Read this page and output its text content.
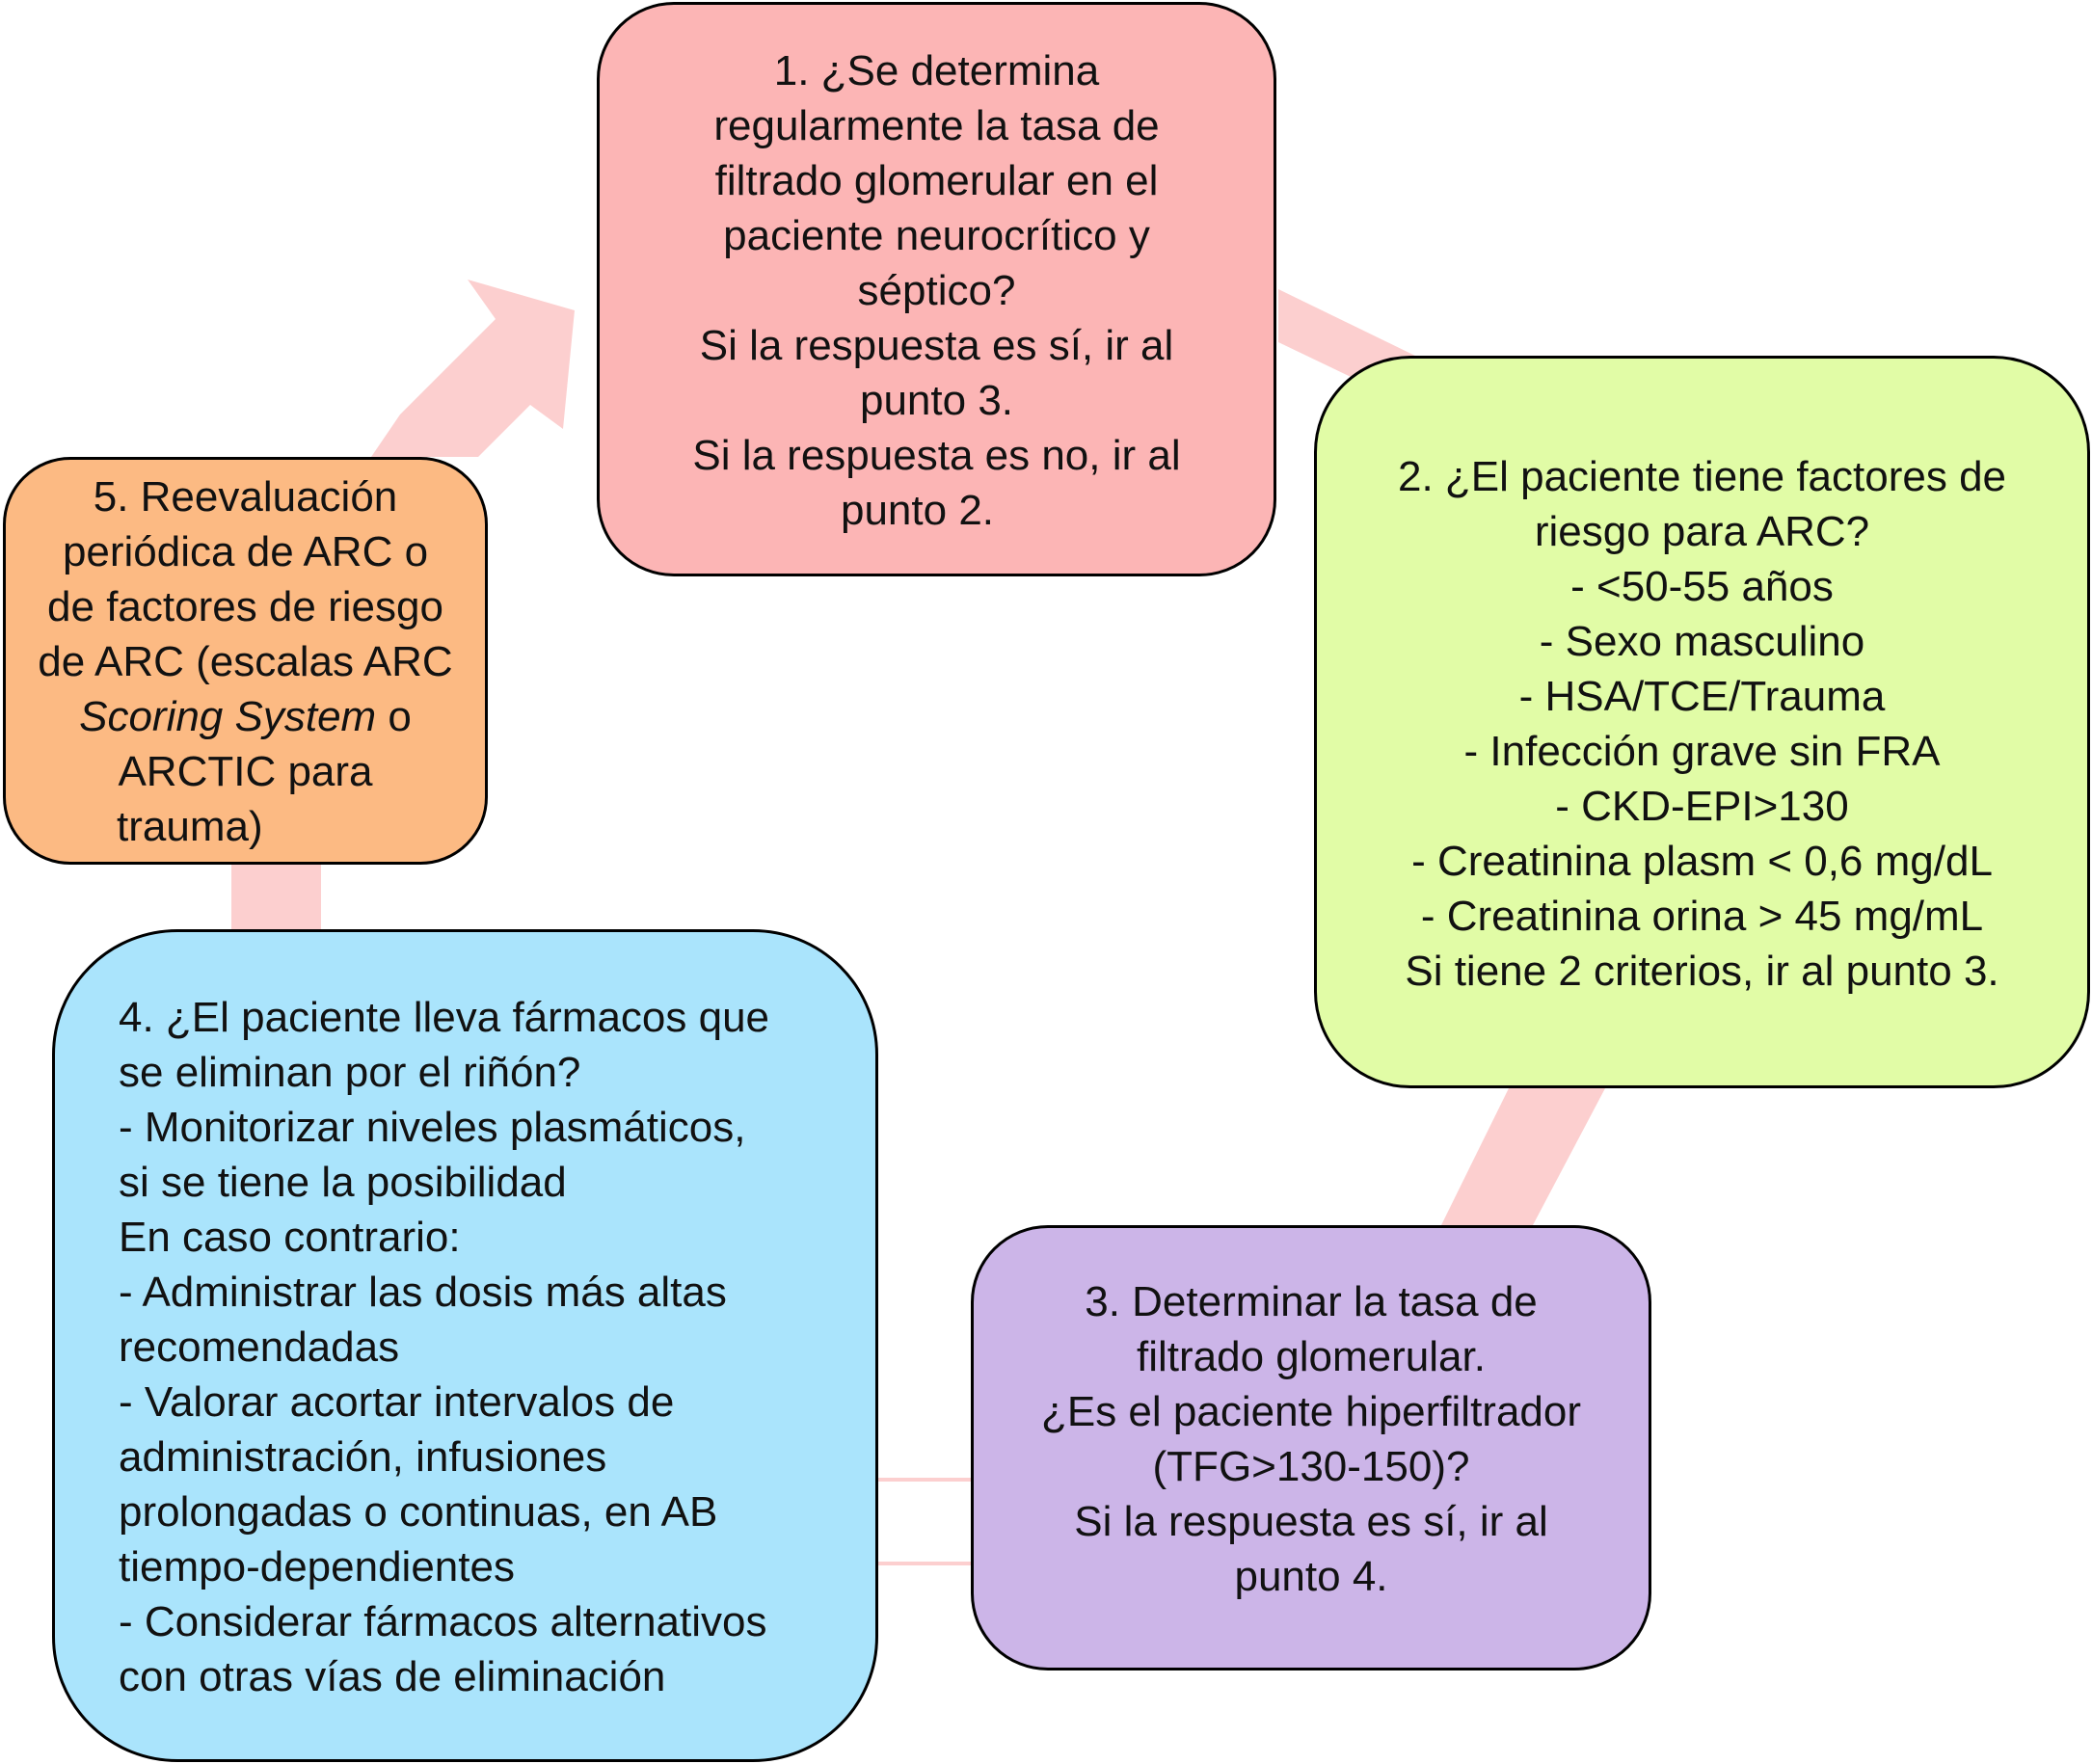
1. ¿Se determina
regularmente la tasa de
filtrado glomerular en el
paciente neurocrítico y
séptico?
Si la respuesta es sí, ir al
punto 3.
Si la respuesta es no, ir al
punto 2.
2. ¿El paciente tiene factores de
riesgo para ARC?
- <50-55 años
- Sexo masculino
- HSA/TCE/Trauma
- Infección grave sin FRA
- CKD-EPI>130
- Creatinina plasm < 0,6 mg/dL
- Creatinina orina > 45 mg/mL
Si tiene 2 criterios, ir al punto 3.
3. Determinar la tasa de
filtrado glomerular.
¿Es el paciente hiperfiltrador
(TFG>130-150)?
Si la respuesta es sí, ir al
punto 4.
4. ¿El paciente lleva fármacos que
se eliminan por el riñón?
- Monitorizar niveles plasmáticos,
si se tiene la posibilidad
En caso contrario:
- Administrar las dosis más altas
recomendadas
- Valorar acortar intervalos de
administración, infusiones
prolongadas o continuas, en AB
tiempo-dependientes
- Considerar fármacos alternativos
con otras vías de eliminación
5. Reevaluación
periódica de ARC o
de factores de riesgo
de ARC (escalas ARC
Scoring System o
ARCTIC para
trauma)
